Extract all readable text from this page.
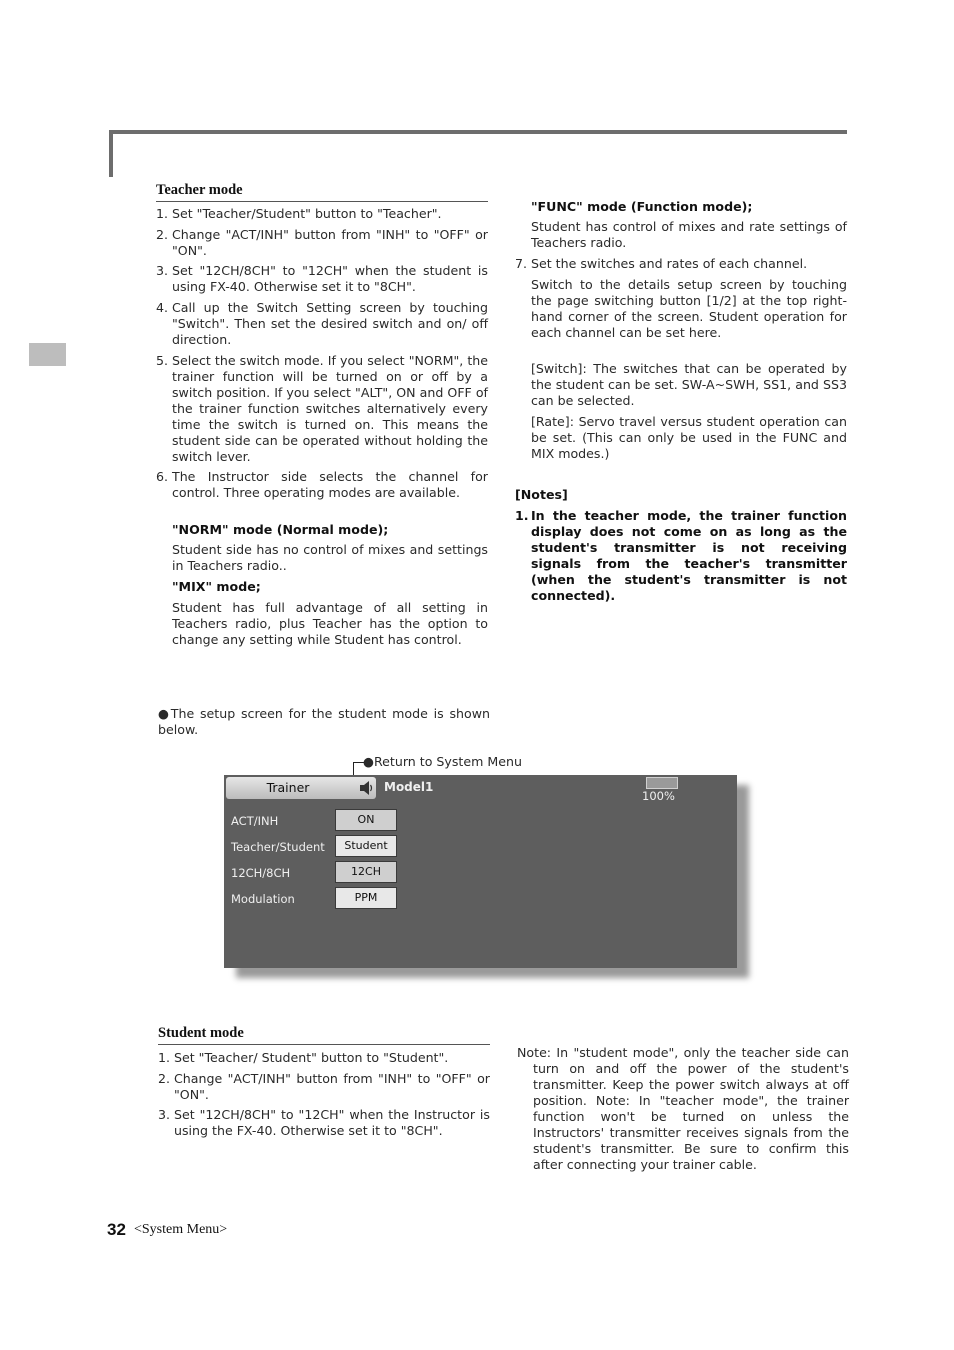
Teacher mode
1. Set "Teacher/Student" button to "Teacher".
2. Change "ACT/INH" button from "INH" to "OFF" or "ON".
3. Set "12CH/8CH" to "12CH" when the student is using FX-40. Otherwise set it to "8CH".
4. Call up the Switch Setting screen by touching "Switch". Then set the desired switch and on/ off direction.
5. Select the switch mode. If you select "NORM", the trainer function will be turned on or off by a switch position. If you select "ALT", ON and OFF of the trainer function switches alternatively every time the switch is turned on. This means the student side can be operated without holding the switch lever.
6. The Instructor side selects the channel for control. Three operating modes are available.
"NORM" mode (Normal mode);
Student side has no control of mixes and settings in Teachers radio..
"MIX" mode;
Student has full advantage of all setting in Teachers radio, plus Teacher has the option to change any setting while Student has control.
"FUNC" mode (Function mode);
Student has control of mixes and rate settings of Teachers radio.
7. Set the switches and rates of each channel.
Switch to the details setup screen by touching the page switching button [1/2] at the top right-hand corner of the screen. Student operation for each channel can be set here.
[Switch]: The switches that can be operated by the student can be set. SW-A~SWH, SS1, and SS3 can be selected.
[Rate]: Servo travel versus student operation can be set. (This can only be used in the FUNC and MIX modes.)
[Notes]
1. In the teacher mode, the trainer function display does not come on as long as the student's transmitter is not receiving signals from the teacher's transmitter (when the student's transmitter is not connected).
●The setup screen for the student mode is shown below.
●Return to System Menu
Trainer	Model1
100%
ACT/INH	ON
Teacher/Student	Student
12CH/8CH	12CH
Modulation	PPM
Student mode
1. Set "Teacher/ Student" button to "Student".
2. Change "ACT/INH" button from "INH" to "OFF" or "ON".
3. Set "12CH/8CH" to "12CH" when the Instructor is using the FX-40. Otherwise set it to "8CH".
Note: In "student mode", only the teacher side can turn on and off the power of the student's transmitter. Keep the power switch always at off position. Note: In "teacher mode", the trainer function won't be turned on unless the Instructors' transmitter receives signals from the student's transmitter. Be sure to confirm this after connecting your trainer cable.
32 <System Menu>
